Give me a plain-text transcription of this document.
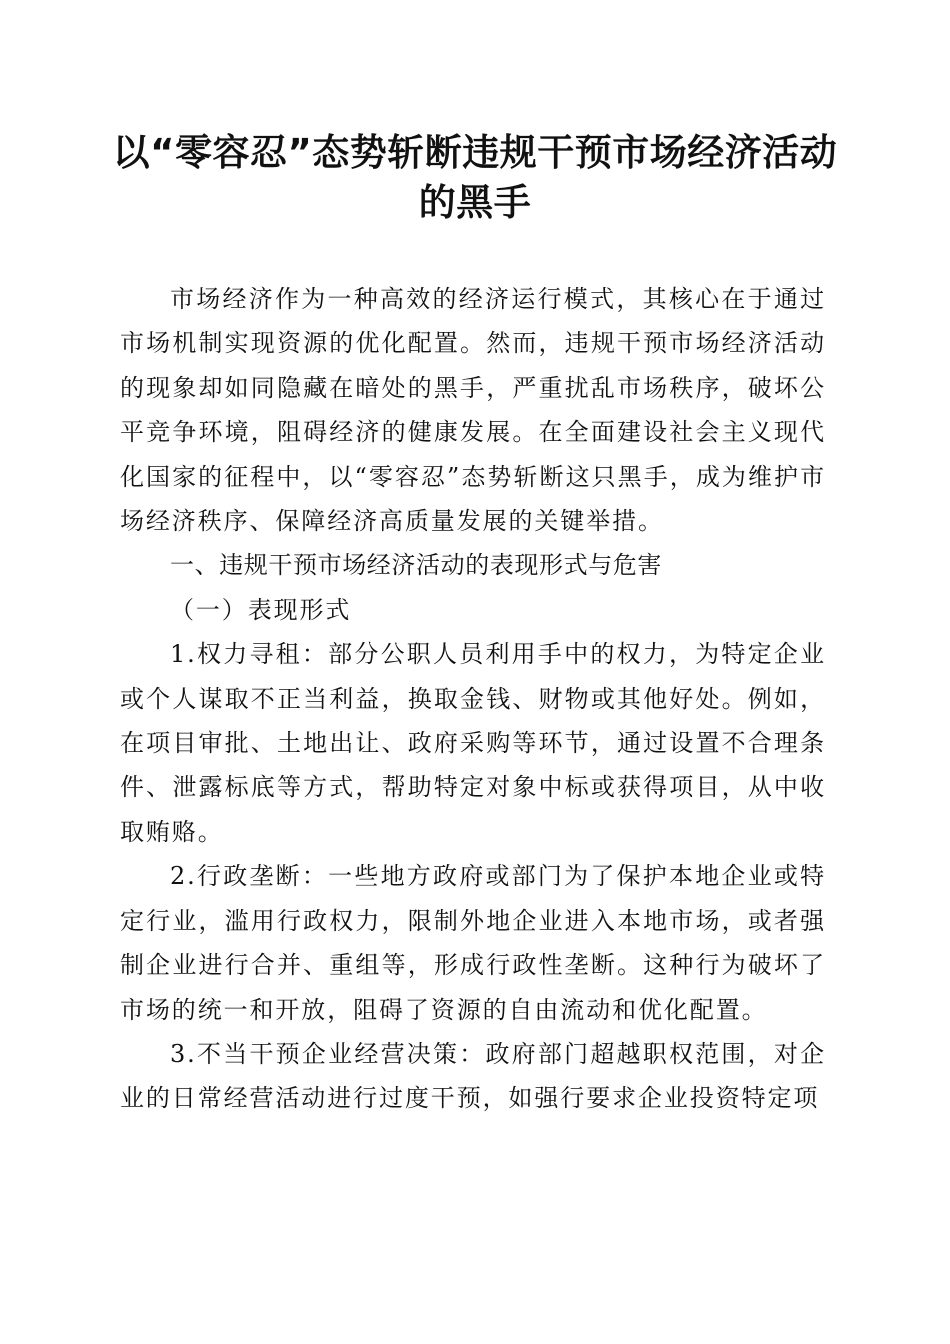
以“零容忍”态势斩断违规干预市场经济活动的黑手

市场经济作为一种高效的经济运行模式，其核心在于通过市场机制实现资源的优化配置。然而，违规干预市场经济活动的现象却如同隐藏在暗处的黑手，严重扰乱市场秩序，破坏公平竞争环境，阻碍经济的健康发展。在全面建设社会主义现代化国家的征程中，以“零容忍”态势斩断这只黑手，成为维护市场经济秩序、保障经济高质量发展的关键举措。

一、违规干预市场经济活动的表现形式与危害

（一）表现形式

1.权力寻租：部分公职人员利用手中的权力，为特定企业或个人谋取不正当利益，换取金钱、财物或其他好处。例如，在项目审批、土地出让、政府采购等环节，通过设置不合理条件、泄露标底等方式，帮助特定对象中标或获得项目，从中收取贿赂。

2.行政垄断：一些地方政府或部门为了保护本地企业或特定行业，滥用行政权力，限制外地企业进入本地市场，或者强制企业进行合并、重组等，形成行政性垄断。这种行为破坏了市场的统一和开放，阻碍了资源的自由流动和优化配置。

3.不当干预企业经营决策：政府部门超越职权范围，对企业的日常经营活动进行过度干预，如强行要求企业投资特定项
